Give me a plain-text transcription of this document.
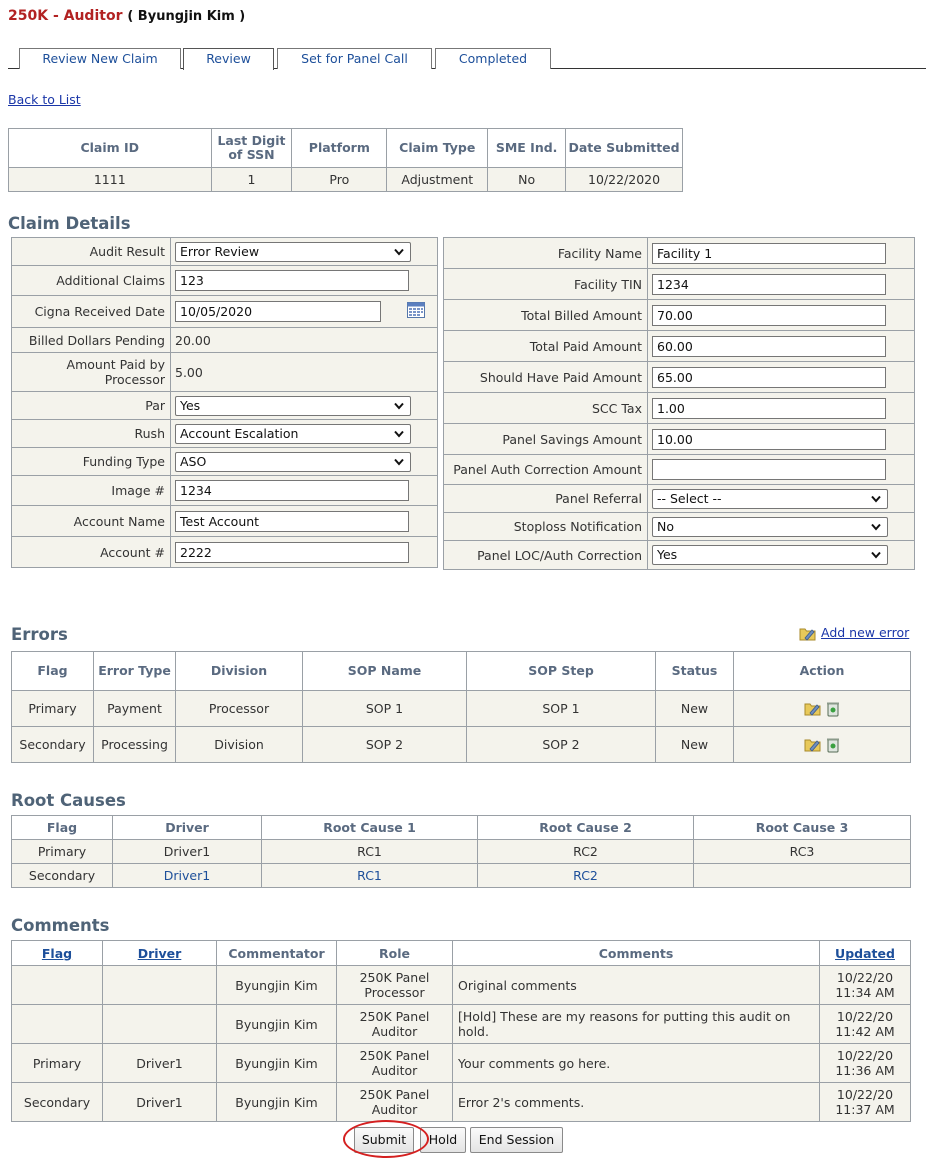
250K - Auditor ( Byungjin Kim )
Review New Claim	Review	Set for Panel Call	Completed
Back to List
Claim ID	Last Digit of SSN	Platform	Claim Type	SME Ind.	Date Submitted
1111	1	Pro	Adjustment	No	10/22/2020
Claim Details
Audit Result	Error Review

Additional Claims	123
Cigna Received Date	10/05/2020

Billed Dollars Pending	20.00
Amount Paid by Processor	5.00
Par	Yes

Rush	Account Escalation

Funding Type	ASO

Image #	1234
Account Name	Test Account
Account #	2222
Facility Name	Facility 1
Facility TIN	1234
Total Billed Amount	70.00
Total Paid Amount	60.00
Should Have Paid Amount	65.00
SCC Tax	1.00
Panel Savings Amount	10.00
Panel Auth Correction Amount	
Panel Referral	-- Select --

Stoploss Notification	No

Panel LOC/Auth Correction	Yes
Errors	Add new error
Flag	Error Type	Division	SOP Name	SOP Step	Status	Action
Primary	Payment	Processor	SOP 1	SOP 1	New	
Secondary	Processing	Division	SOP 2	SOP 2	New	
Root Causes
Flag	Driver	Root Cause 1	Root Cause 2	Root Cause 3
Primary	Driver1	RC1	RC2	RC3
Secondary	Driver1	RC1	RC2	
Comments
Flag	Driver	Commentator	Role	Comments	Updated
		Byungjin Kim	250K Panel Processor	Original comments	10/22/20 11:34 AM
		Byungjin Kim	250K Panel Auditor	[Hold] These are my reasons for putting this audit on hold.	10/22/20 11:42 AM
Primary	Driver1	Byungjin Kim	250K Panel Auditor	Your comments go here.	10/22/20 11:36 AM
Secondary	Driver1	Byungjin Kim	250K Panel Auditor	Error 2's comments.	10/22/20 11:37 AM
Submit	Hold	End Session
